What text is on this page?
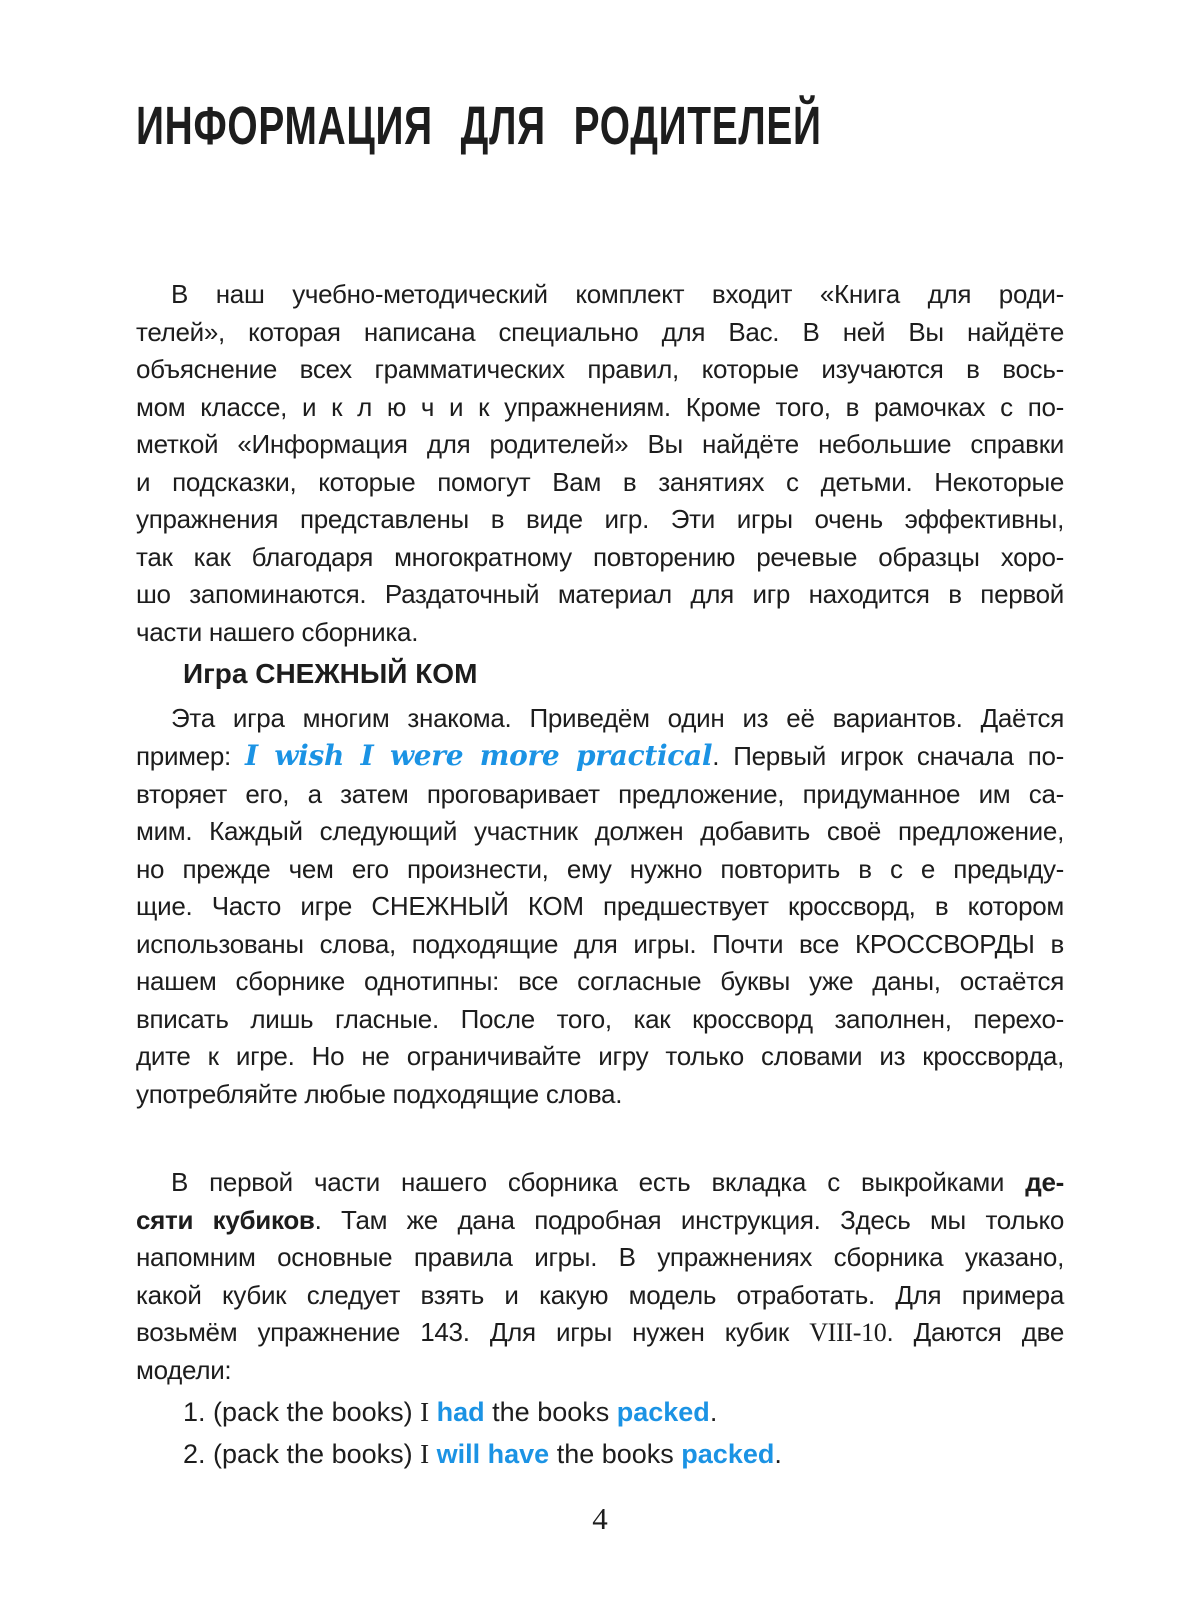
ИНФОРМАЦИЯ ДЛЯ РОДИТЕЛЕЙ
В наш учебно-методический комплект входит «Книга для роди-
телей», которая написана специально для Вас. В ней Вы найдёте
объяснение всех грамматических правил, которые изучаются в вось-
мом классе, и к л ю ч и к упражнениям. Кроме того, в рамочках с по-
меткой «Информация для родителей» Вы найдёте небольшие справки
и подсказки, которые помогут Вам в занятиях с детьми. Некоторые
упражнения представлены в виде игр. Эти игры очень эффективны,
так как благодаря многократному повторению речевые образцы хоро-
шо запоминаются. Раздаточный материал для игр находится в первой
части нашего сборника.
Игра СНЕЖНЫЙ КОМ
Эта игра многим знакома. Приведём один из её вариантов. Даётся
пример: I wish I were more practical. Первый игрок сначала по-
вторяет его, а затем проговаривает предложение, придуманное им са-
мим. Каждый следующий участник должен добавить своё предложение,
но прежде чем его произнести, ему нужно повторить в с е предыду-
щие. Часто игре СНЕЖНЫЙ КОМ предшествует кроссворд, в котором
использованы слова, подходящие для игры. Почти все КРОССВОРДЫ в
нашем сборнике однотипны: все согласные буквы уже даны, остаётся
вписать лишь гласные. После того, как кроссворд заполнен, перехо-
дите к игре. Но не ограничивайте игру только словами из кроссворда,
употребляйте любые подходящие слова.
В первой части нашего сборника есть вкладка с выкройками де-
сяти кубиков. Там же дана подробная инструкция. Здесь мы только
напомним основные правила игры. В упражнениях сборника указано,
какой кубик следует взять и какую модель отработать. Для примера
возьмём упражнение 143. Для игры нужен кубик VIII-10. Даются две
модели:
1. (pack the books) I had the books packed.
2. (pack the books) I will have the books packed.
4
